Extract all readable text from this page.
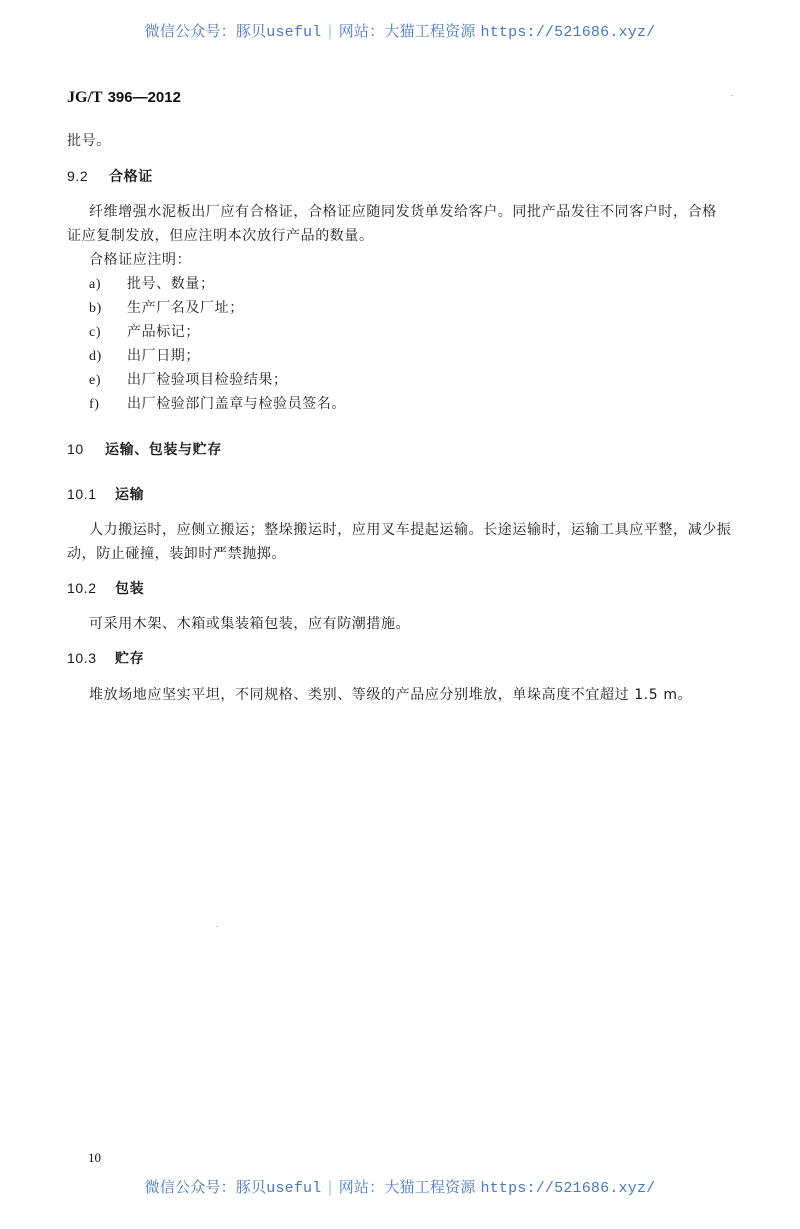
微信公众号：豚贝useful | 网站：大猫工程资源 https://521686.xyz/
JG/T 396—2012
批号。
9.2 合格证
纤维增强水泥板出厂应有合格证，合格证应随同发货单发给客户。同批产品发往不同客户时，合格
证应复制发放，但应注明本次放行产品的数量。
合格证应注明：
a) 批号、数量；
b) 生产厂名及厂址；
c) 产品标记；
d) 出厂日期；
e) 出厂检验项目检验结果；
f) 出厂检验部门盖章与检验员签名。
10 运输、包装与贮存
10.1 运输
人力搬运时，应侧立搬运；整垛搬运时，应用叉车提起运输。长途运输时，运输工具应平整，减少振
动，防止碰撞，装卸时严禁抛掷。
10.2 包装
可采用木架、木箱或集装箱包装，应有防潮措施。
10.3 贮存
堆放场地应坚实平坦，不同规格、类别、等级的产品应分别堆放，单垛高度不宜超过 1.5 m。
10
微信公众号：豚贝useful | 网站：大猫工程资源 https://521686.xyz/
